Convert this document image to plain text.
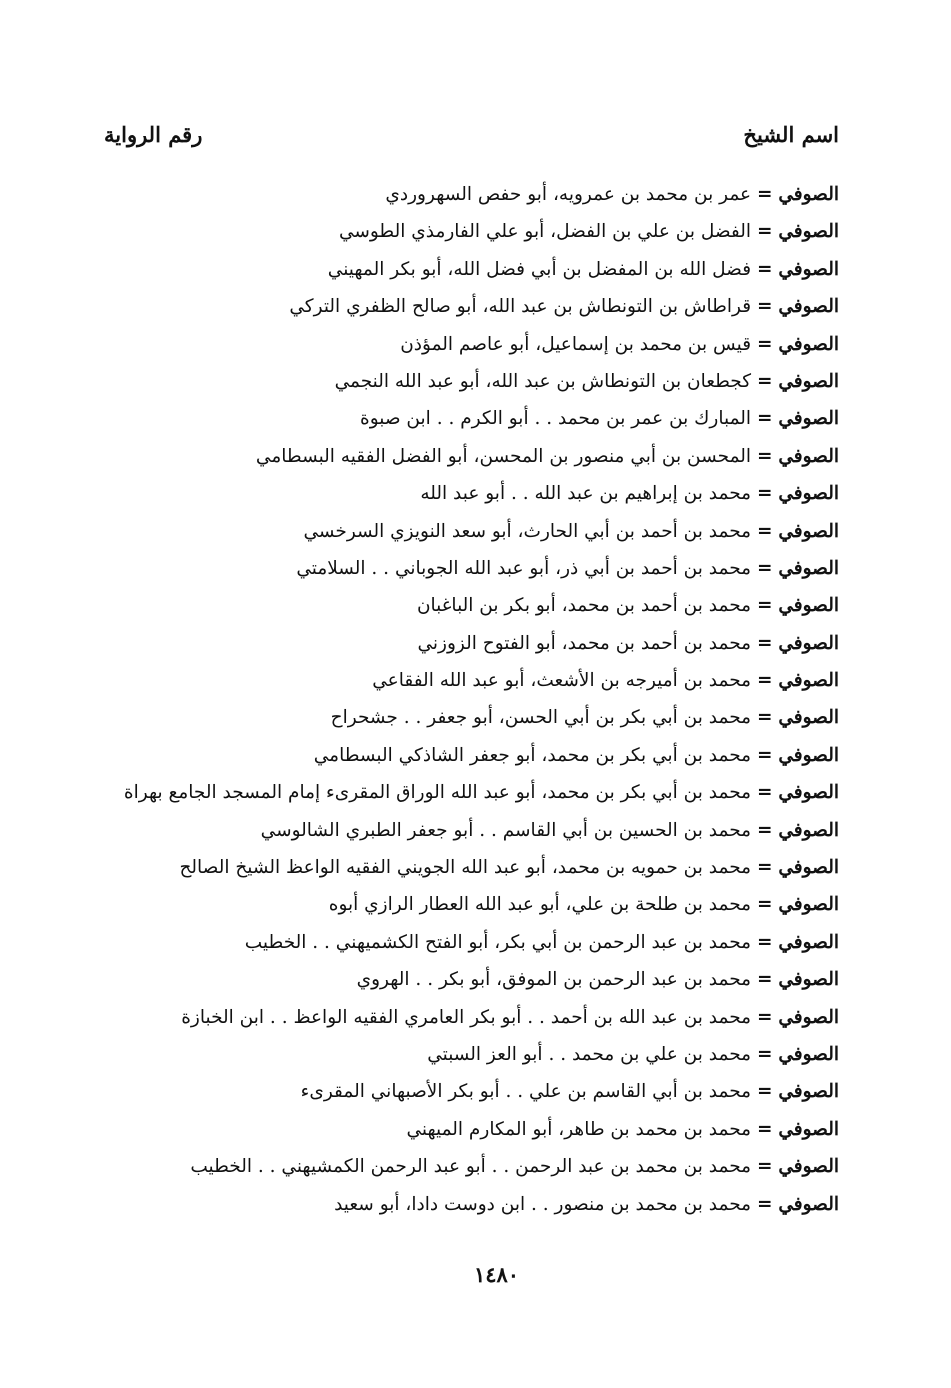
اسم الشيخ
رقم الرواية
الصوفي = عمر بن محمد بن عمرويه، أبو حفص السهروردي
الصوفي = الفضل بن علي بن الفضل، أبو علي الفارمذي الطوسي
الصوفي = فضل الله بن المفضل بن أبي فضل الله، أبو بكر المهيني
الصوفي = قراطاش بن التونطاش بن عبد الله، أبو صالح الظفري التركي
الصوفي = قيس بن محمد بن إسماعيل، أبو عاصم المؤذن
الصوفي = كجطعان بن التونطاش بن عبد الله، أبو عبد الله النجمي
الصوفي = المبارك بن عمر بن محمد . . أبو الكرم . . ابن صبوة
الصوفي = المحسن بن أبي منصور بن المحسن، أبو الفضل الفقيه البسطامي
الصوفي = محمد بن إبراهيم بن عبد الله . . أبو عبد الله
الصوفي = محمد بن أحمد بن أبي الحارث، أبو سعد النويزي السرخسي
الصوفي = محمد بن أحمد بن أبي ذر، أبو عبد الله الجوباني . . السلامتي
الصوفي = محمد بن أحمد بن محمد، أبو بكر بن الباغبان
الصوفي = محمد بن أحمد بن محمد، أبو الفتوح الزوزني
الصوفي = محمد بن أميرجه بن الأشعث، أبو عبد الله الفقاعي
الصوفي = محمد بن أبي بكر بن أبي الحسن، أبو جعفر . . جشحراح
الصوفي = محمد بن أبي بكر بن محمد، أبو جعفر الشاذكي البسطامي
الصوفي = محمد بن أبي بكر بن محمد، أبو عبد الله الوراق المقرىء إمام المسجد الجامع بهراة
الصوفي = محمد بن الحسين بن أبي القاسم . . أبو جعفر الطبري الشالوسي
الصوفي = محمد بن حمويه بن محمد، أبو عبد الله الجويني الفقيه الواعظ الشيخ الصالح
الصوفي = محمد بن طلحة بن علي، أبو عبد الله العطار الرازي أبوه
الصوفي = محمد بن عبد الرحمن بن أبي بكر، أبو الفتح الكشميهني . . الخطيب
الصوفي = محمد بن عبد الرحمن بن الموفق، أبو بكر . . الهروي
الصوفي = محمد بن عبد الله بن أحمد . . أبو بكر العامري الفقيه الواعظ . . ابن الخبازة
الصوفي = محمد بن علي بن محمد . . أبو العز السبتي
الصوفي = محمد بن أبي القاسم بن علي . . أبو بكر الأصبهاني المقرىء
الصوفي = محمد بن محمد بن طاهر، أبو المكارم الميهني
الصوفي = محمد بن محمد بن عبد الرحمن . . أبو عبد الرحمن الكمشيهني . . الخطيب
الصوفي = محمد بن محمد بن منصور . . ابن دوست دادا، أبو سعيد
١٤٨٠
